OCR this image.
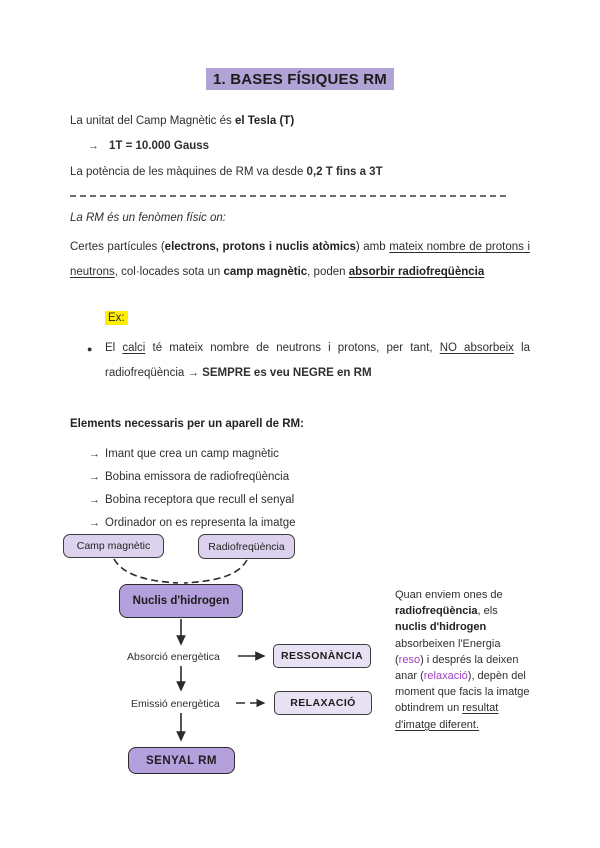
1. BASES FÍSIQUES RM

La unitat del Camp Magnètic és el Tesla (T)

→ 1T = 10.000 Gauss

La potència de les màquines de RM va desde 0,2 T fins a 3T

La RM és un fenòmen físic on:

Certes partícules (electrons, protons i nuclis atòmics) amb mateix nombre de protons i neutrons, col·locades sota un camp magnètic, poden absorbir radiofreqüència

Ex:

● El calci té mateix nombre de neutrons i protons, per tant, NO absorbeix la radiofreqüència → SEMPRE es veu NEGRE en RM

Elements necessaris per un aparell de RM:

→ Imant que crea un camp magnètic
→ Bobina emissora de radiofreqüència
→ Bobina receptora que recull el senyal
→ Ordinador on es representa la imatge
Camp magnètic	Radiofreqüència
Nuclis d'hidrogen
Absorció energètica	RESSONÀNCIA
Emissió energètica	RELAXACIÓ
SENYAL RM
Quan enviem ones de radiofreqüència, els nuclis d'hidrogen absorbeixen l'Energia (reso) i després la deixen anar (relaxació), depèn del moment que facis la imatge obtindrem un resultat d'imatge diferent.
